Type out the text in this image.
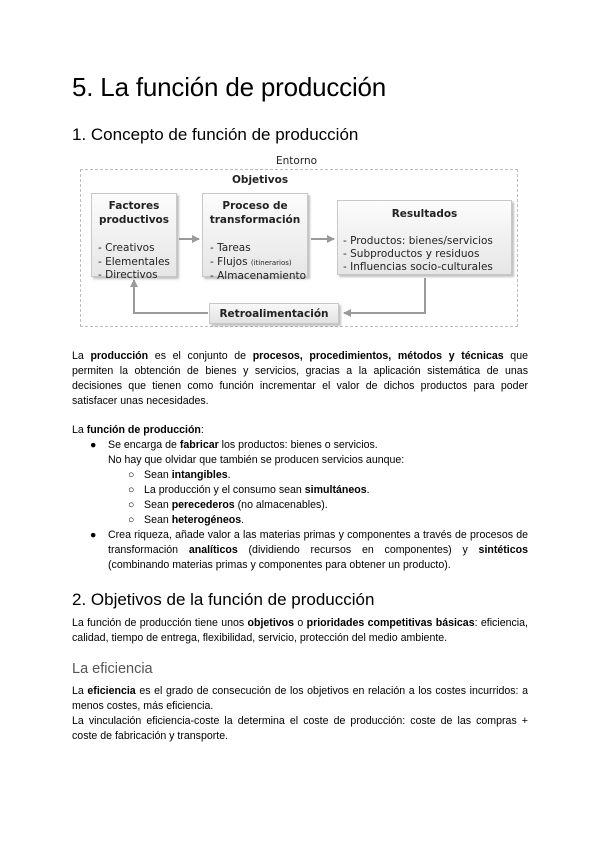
5. La función de producción
1. Concepto de función de producción
Entorno
Objetivos
Factores
productivos
- Creativos
- Elementales
- Directivos
Proceso de
transformación
- Tareas
- Flujos (itinerarios)
- Almacenamiento
Resultados
- Productos: bienes/servicios
- Subproductos y residuos
- Influencias socio-culturales
Retroalimentación
La producción es el conjunto de procesos, procedimientos, métodos y técnicas que permiten la obtención de bienes y servicios, gracias a la aplicación sistemática de unas decisiones que tienen como función incrementar el valor de dichos productos para poder satisfacer unas necesidades.
La función de producción:
● Se encarga de fabricar los productos: bienes o servicios.
No hay que olvidar que también se producen servicios aunque:
○ Sean intangibles.
○ La producción y el consumo sean simultáneos.
○ Sean perecederos (no almacenables).
○ Sean heterogéneos.
● Crea riqueza, añade valor a las materias primas y componentes a través de procesos de transformación analíticos (dividiendo recursos en componentes) y sintéticos (combinando materias primas y componentes para obtener un producto).
2. Objetivos de la función de producción
La función de producción tiene unos objetivos o prioridades competitivas básicas: eficiencia, calidad, tiempo de entrega, flexibilidad, servicio, protección del medio ambiente.
La eficiencia
La eficiencia es el grado de consecución de los objetivos en relación a los costes incurridos: a menos costes, más eficiencia.
La vinculación eficiencia-coste la determina el coste de producción: coste de las compras + coste de fabricación y transporte.
